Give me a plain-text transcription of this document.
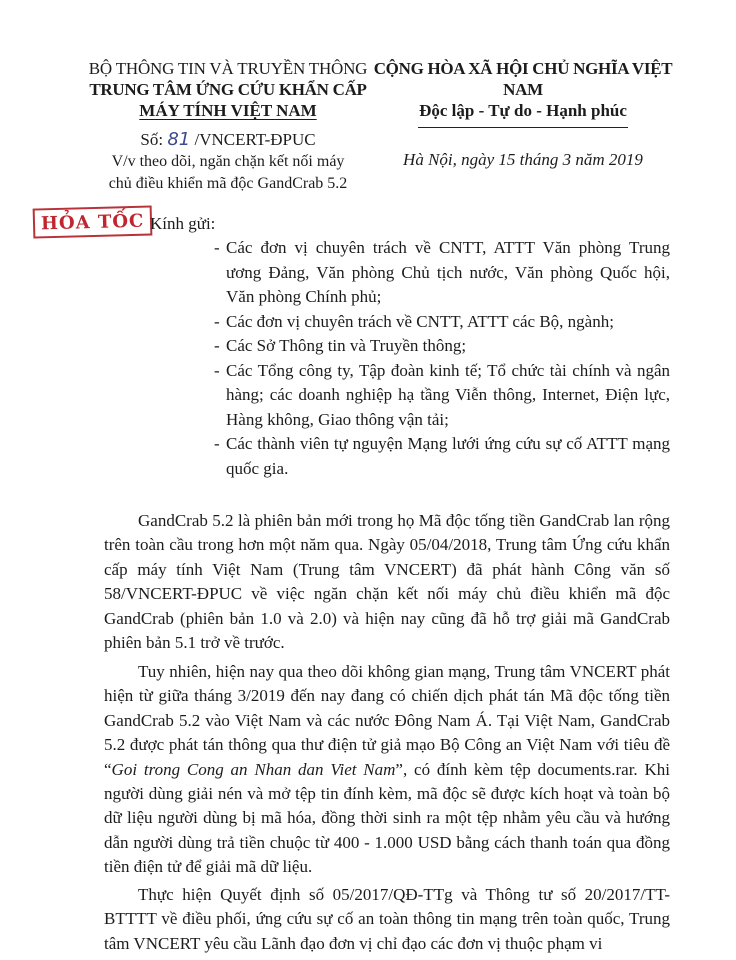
BỘ THÔNG TIN VÀ TRUYỀN THÔNG
TRUNG TÂM ỨNG CỨU KHẨN CẤP
MÁY TÍNH VIỆT NAM
Số: 81 /VNCERT-ĐPUC
V/v theo dõi, ngăn chặn kết nối máy
chủ điều khiển mã độc GandCrab 5.2
CỘNG HÒA XÃ HỘI CHỦ NGHĨA VIỆT NAM
Độc lập - Tự do - Hạnh phúc
Hà Nội, ngày 15 tháng 3 năm 2019
HỎA TỐC Kính gửi:
- Các đơn vị chuyên trách về CNTT, ATTT Văn phòng Trung ương Đảng, Văn phòng Chủ tịch nước, Văn phòng Quốc hội, Văn phòng Chính phủ;
- Các đơn vị chuyên trách về CNTT, ATTT các Bộ, ngành;
- Các Sở Thông tin và Truyền thông;
- Các Tổng công ty, Tập đoàn kinh tế; Tổ chức tài chính và ngân hàng; các doanh nghiệp hạ tầng Viễn thông, Internet, Điện lực, Hàng không, Giao thông vận tải;
- Các thành viên tự nguyện Mạng lưới ứng cứu sự cố ATTT mạng quốc gia.

GandCrab 5.2 là phiên bản mới trong họ Mã độc tống tiền GandCrab lan rộng trên toàn cầu trong hơn một năm qua. Ngày 05/04/2018, Trung tâm Ứng cứu khẩn cấp máy tính Việt Nam (Trung tâm VNCERT) đã phát hành Công văn số 58/VNCERT-ĐPUC về việc ngăn chặn kết nối máy chủ điều khiển mã độc GandCrab (phiên bản 1.0 và 2.0) và hiện nay cũng đã hỗ trợ giải mã GandCrab phiên bản 5.1 trở về trước.

Tuy nhiên, hiện nay qua theo dõi không gian mạng, Trung tâm VNCERT phát hiện từ giữa tháng 3/2019 đến nay đang có chiến dịch phát tán Mã độc tống tiền GandCrab 5.2 vào Việt Nam và các nước Đông Nam Á. Tại Việt Nam, GandCrab 5.2 được phát tán thông qua thư điện tử giả mạo Bộ Công an Việt Nam với tiêu đề “Goi trong Cong an Nhan dan Viet Nam”, có đính kèm tệp documents.rar. Khi người dùng giải nén và mở tệp tin đính kèm, mã độc sẽ được kích hoạt và toàn bộ dữ liệu người dùng bị mã hóa, đồng thời sinh ra một tệp nhằm yêu cầu và hướng dẫn người dùng trả tiền chuộc từ 400 - 1.000 USD bằng cách thanh toán qua đồng tiền điện tử để giải mã dữ liệu.

Thực hiện Quyết định số 05/2017/QĐ-TTg và Thông tư số 20/2017/TT-BTTTT về điều phối, ứng cứu sự cố an toàn thông tin mạng trên toàn quốc, Trung tâm VNCERT yêu cầu Lãnh đạo đơn vị chỉ đạo các đơn vị thuộc phạm vi
